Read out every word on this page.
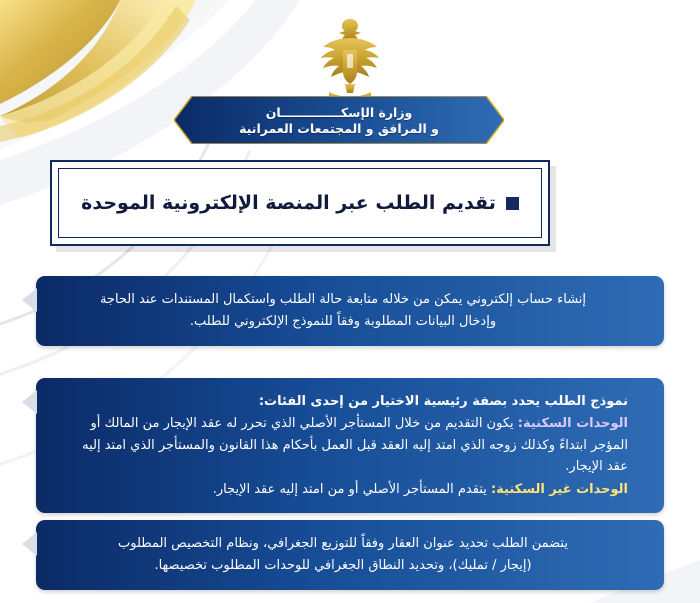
وزارة الإسكــــــــــــــان
و المرافق و المجتمعات العمرانية
تقديم الطلب عبر المنصة الإلكترونية الموحدة

إنشاء حساب إلكتروني يمكن من خلاله متابعة حالة الطلب واستكمال المستندات عند الحاجة

وإدخال البيانات المطلوبة وفقاً للنموذج الإلكتروني للطلب.

نموذج الطلب يحدد بصفة رئيسية الاختيار من إحدى الفئات:

الوحدات السكنية: يكون التقديم من خلال المستأجر الأصلي الذي تحرر له عقد الإيجار من المالك أو المؤجر ابتداءً وكذلك زوجه الذي امتد إليه العقد قبل العمل بأحكام هذا القانون والمستأجر الذي امتد إليه عقد الإيجار.

الوحدات غير السكنية: يتقدم المستأجر الأصلي أو من امتد إليه عقد الإيجار.

يتضمن الطلب تحديد عنوان العقار وفقاً للتوزيع الجغرافي، ونظام التخصيص المطلوب

(إيجار / تمليك)، وتحديد النطاق الجغرافي للوحدات المطلوب تخصيصها.
